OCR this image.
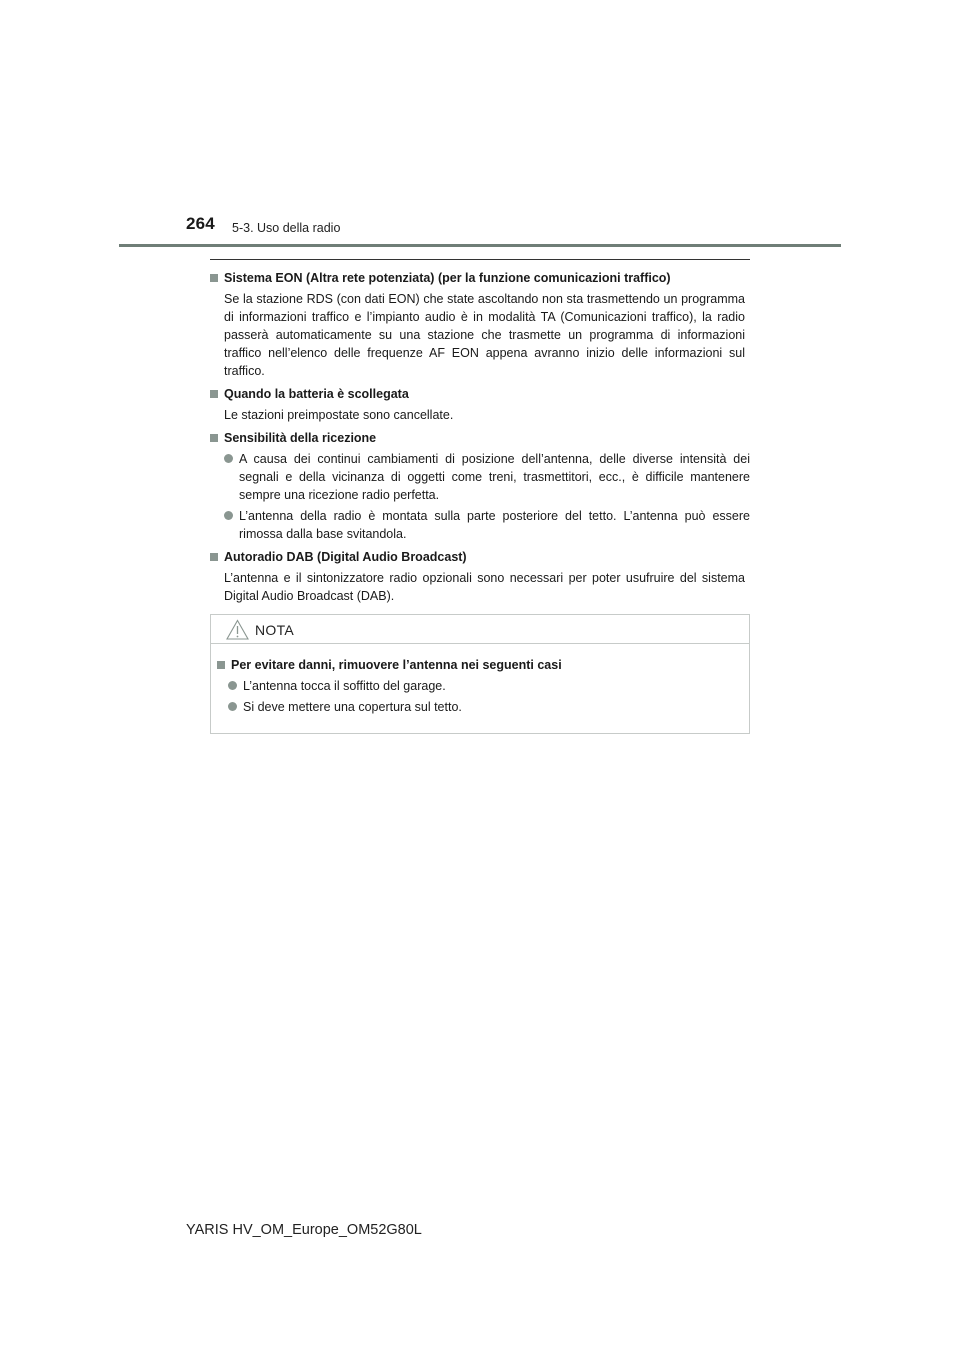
264 5-3. Uso della radio
Sistema EON (Altra rete potenziata) (per la funzione comunicazioni traffico)
Se la stazione RDS (con dati EON) che state ascoltando non sta trasmettendo un programma di informazioni traffico e l’impianto audio è in modalità TA (Comunicazioni traffico), la radio passerà automaticamente su una stazione che trasmette un programma di informazioni traffico nell’elenco delle frequenze AF EON appena avranno inizio delle informazioni sul traffico.
Quando la batteria è scollegata
Le stazioni preimpostate sono cancellate.
Sensibilità della ricezione
A causa dei continui cambiamenti di posizione dell’antenna, delle diverse intensità dei segnali e della vicinanza di oggetti come treni, trasmettitori, ecc., è difficile mantenere sempre una ricezione radio perfetta.
L’antenna della radio è montata sulla parte posteriore del tetto. L’antenna può essere rimossa dalla base svitandola.
Autoradio DAB (Digital Audio Broadcast)
L’antenna e il sintonizzatore radio opzionali sono necessari per poter usufruire del sistema Digital Audio Broadcast (DAB).
NOTA
Per evitare danni, rimuovere l’antenna nei seguenti casi
L’antenna tocca il soffitto del garage.
Si deve mettere una copertura sul tetto.
YARIS HV_OM_Europe_OM52G80L
